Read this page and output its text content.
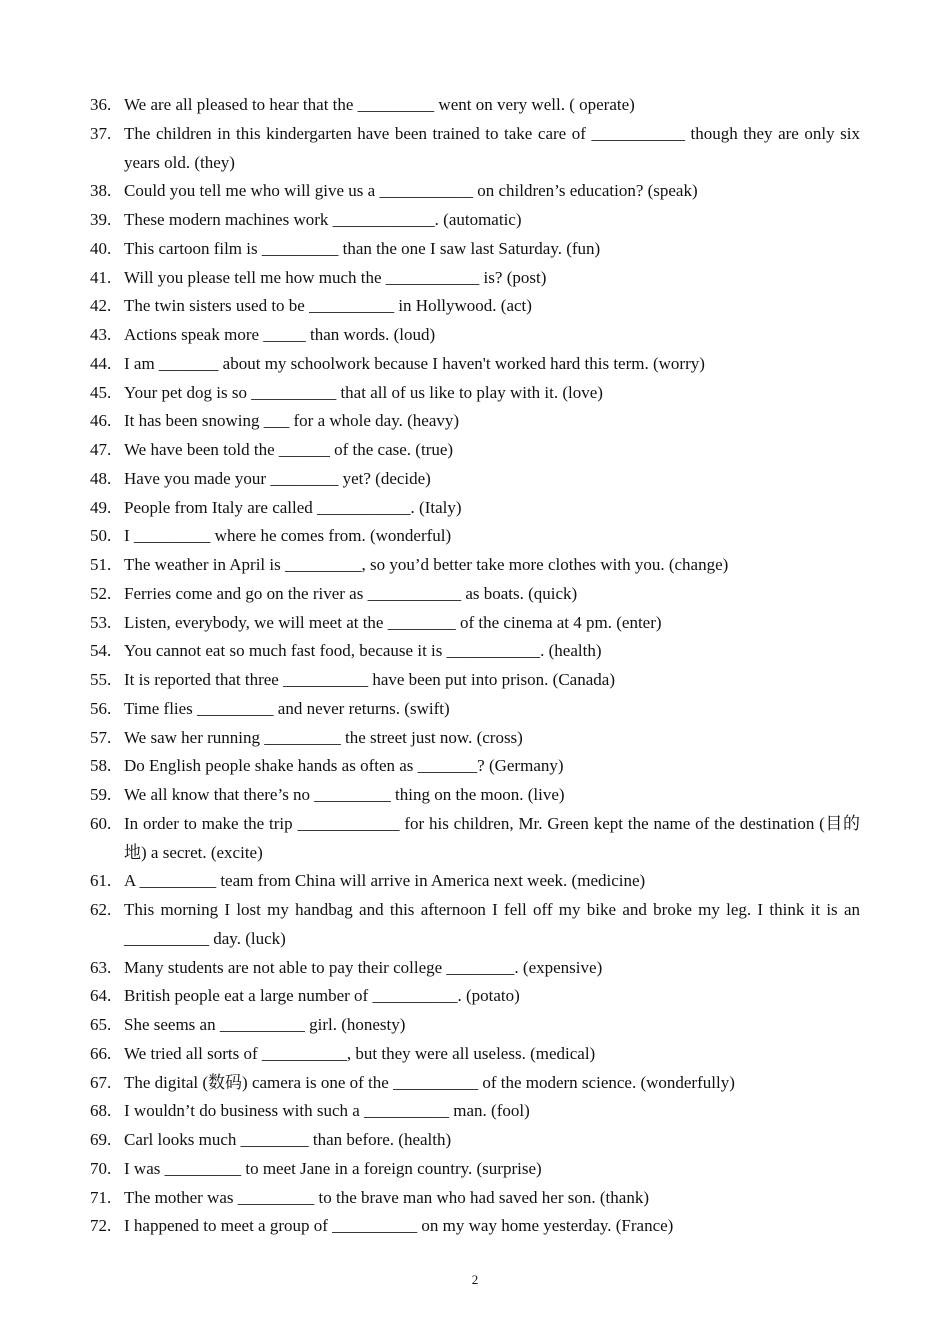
36. We are all pleased to hear that the _________ went on very well. ( operate)
37. The children in this kindergarten have been trained to take care of ___________ though they are only six years old. (they)
38. Could you tell me who will give us a ___________ on children’s education? (speak)
39. These modern machines work ____________. (automatic)
40. This cartoon film is _________ than the one I saw last Saturday. (fun)
41. Will you please tell me how much the ___________ is? (post)
42. The twin sisters used to be __________ in Hollywood. (act)
43. Actions speak more _____ than words. (loud)
44. I am _______ about my schoolwork because I haven't worked hard this term. (worry)
45. Your pet dog is so __________ that all of us like to play with it. (love)
46. It has been snowing ___ for a whole day. (heavy)
47. We have been told the ______ of the case. (true)
48. Have you made your ________ yet? (decide)
49. People from Italy are called ___________. (Italy)
50. I _________ where he comes from. (wonderful)
51. The weather in April is _________, so you’d better take more clothes with you. (change)
52. Ferries come and go on the river as ___________ as boats. (quick)
53. Listen, everybody, we will meet at the ________ of the cinema at 4 pm. (enter)
54. You cannot eat so much fast food, because it is ___________. (health)
55. It is reported that three __________ have been put into prison. (Canada)
56. Time flies _________ and never returns. (swift)
57. We saw her running _________ the street just now. (cross)
58. Do English people shake hands as often as _______? (Germany)
59. We all know that there’s no _________ thing on the moon. (live)
60. In order to make the trip ____________ for his children, Mr. Green kept the name of the destination (目的地) a secret. (excite)
61. A _________ team from China will arrive in America next week. (medicine)
62. This morning I lost my handbag and this afternoon I fell off my bike and broke my leg. I think it is an __________ day. (luck)
63. Many students are not able to pay their college ________. (expensive)
64. British people eat a large number of __________. (potato)
65. She seems an __________ girl. (honesty)
66. We tried all sorts of __________, but they were all useless. (medical)
67. The digital (数码) camera is one of the __________ of the modern science. (wonderfully)
68. I wouldn’t do business with such a __________ man. (fool)
69. Carl looks much ________ than before. (health)
70. I was _________ to meet Jane in a foreign country. (surprise)
71. The mother was _________ to the brave man who had saved her son. (thank)
72. I happened to meet a group of __________ on my way home yesterday. (France)
2
